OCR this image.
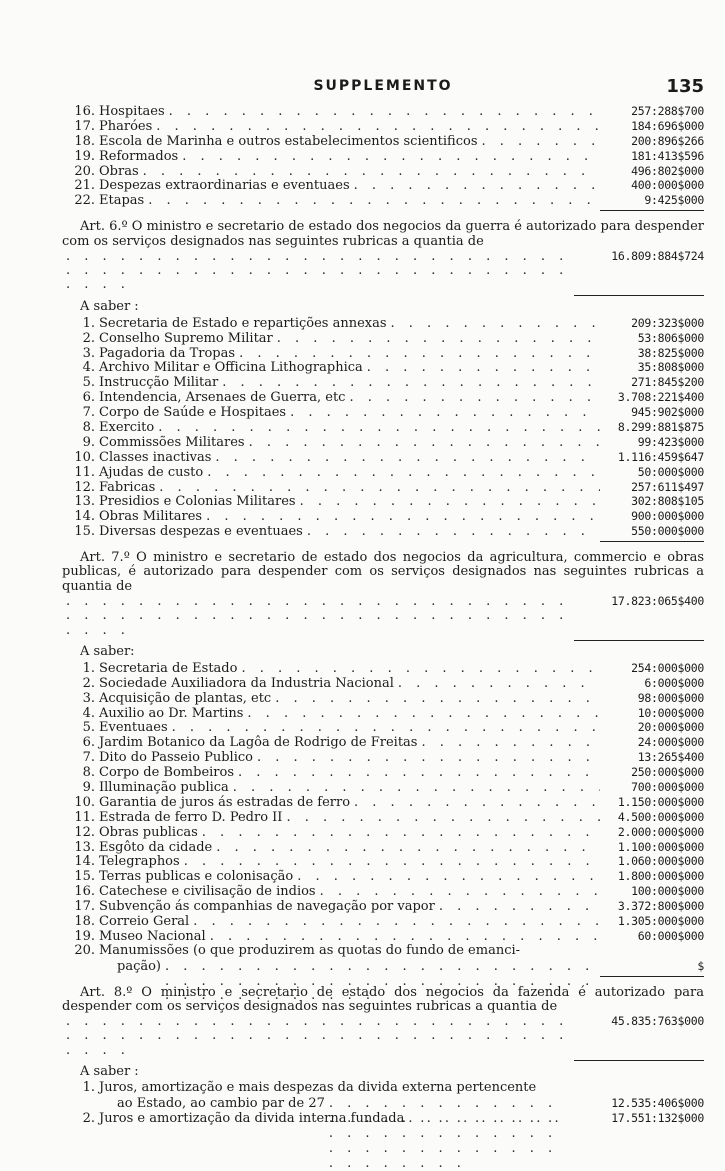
SUPPLEMENTO	135
16. Hospitaes . . .	257:288$700
17. Pharóes . . .	184:696$000
18. Escola de Marinha e outros estabelecimentos scientificos . . .	200:896$266
19. Reformados . . .	181:413$596
20. Obras . . .	496:802$000
21. Despezas extraordinarias e eventuaes . . .	400:000$000
22. Etapas . . .	9:425$000
Art. 6.º O ministro e secretario de estado dos negocios da guerra é autorizado para despender com os serviços designados nas seguintes rubricas a quantia de
. . .
16.809:884$724
A saber :
1. Secretaria de Estado e repartições annexas . . .	209:323$000
2. Conselho Supremo Militar . . .	53:806$000
3. Pagadoria da Tropas . . .	38:825$000
4. Archivo Militar e Officina Lithographica . . .	35:808$000
5. Instrucção Militar . . .	271:845$200
6. Intendencia, Arsenaes de Guerra, etc . . .	3.708:221$400
7. Corpo de Saúde e Hospitaes . . .	945:902$000
8. Exercito . . .	8.299:881$875
9. Commissões Militares . . .	99:423$000
10. Classes inactivas . . .	1.116:459$647
11. Ajudas de custo . . .	50:000$000
12. Fabricas . . .	257:611$497
13. Presidios e Colonias Militares . . .	302:808$105
14. Obras Militares . . .	900:000$000
15. Diversas despezas e eventuaes . . .	550:000$000
Art. 7.º O ministro e secretario de estado dos negocios da agricultura, commercio e obras publicas, é autorizado para despender com os serviços designados nas seguintes rubricas a quantia de
. . .
17.823:065$400
A saber:
1. Secretaria de Estado . . .	254:000$000
2. Sociedade Auxiliadora da Industria Nacional . . .	6:000$000
3. Acquisição de plantas, etc . . .	98:000$000
4. Auxilio ao Dr. Martins . . .	10:000$000
5. Eventuaes . . .	20:000$000
6. Jardim Botanico da Lagôa de Rodrigo de Freitas . . .	24:000$000
7. Dito do Passeio Publico . . .	13:265$400
8. Corpo de Bombeiros . . .	250:000$000
9. Illuminação publica . . .	700:000$000
10. Garantia de juros ás estradas de ferro . . .	1.150:000$000
11. Estrada de ferro D. Pedro II . . .	4.500:000$000
12. Obras publicas . . .	2.000:000$000
13. Esgôto da cidade . . .	1.100:000$000
14. Telegraphos . . .	1.060:000$000
15. Terras publicas e colonisação . . .	1.800:000$000
16. Catechese e civilisação de indios . . .	100:000$000
17. Subvenção ás companhias de navegação por vapor . . .	3.372:800$000
18. Correio Geral . . .	1.305:000$000
19. Museo Nacional . . .	60:000$000
20. Manumissões (o que produzirem as quotas do fundo de emanci-
pação) . . .	$
Art. 8.º O ministro e secretario de estado dos negocios da fazenda é autorizado para despender com os serviços designados nas seguintes rubricas a quantia de
. . .
45.835:763$000
A saber :
1. Juros, amortização e mais despezas da divida externa pertencente
ao Estado, ao cambio par de 27 . . .	12.535:406$000
2. Juros e amortização da divida interna fundada . . .	17.551:132$000
